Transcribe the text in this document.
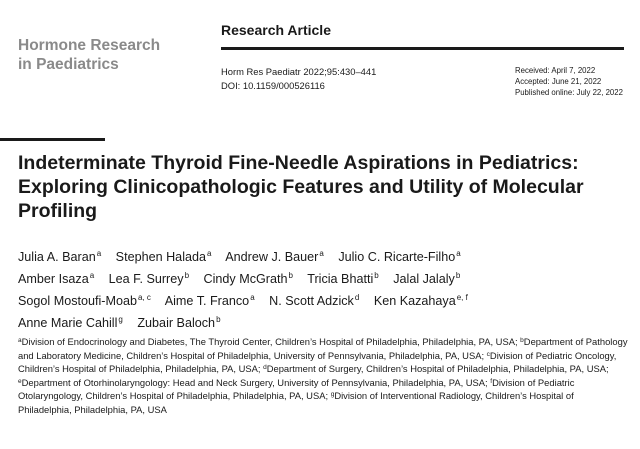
Hormone Research
in Paediatrics
Research Article
Horm Res Paediatr 2022;95:430–441
DOI: 10.1159/000526116
Received: April 7, 2022
Accepted: June 21, 2022
Published online: July 22, 2022
Indeterminate Thyroid Fine-Needle Aspirations in Pediatrics: Exploring Clinicopathologic Features and Utility of Molecular Profiling
Julia A. Baran$^a$ Stephen Halada$^a$ Andrew J. Bauer$^a$ Julio C. Ricarte-Filho$^a$
Amber Isaza$^a$ Lea F. Surrey$^b$ Cindy McGrath$^b$ Tricia Bhatti$^b$ Jalal Jalaly$^b$
Sogol Mostoufi-Moab$^{a, c}$ Aime T. Franco$^a$ N. Scott Adzick$^d$ Ken Kazahaya$^{e, f}$
Anne Marie Cahill$^g$ Zubair Baloch$^b$
$^a$Division of Endocrinology and Diabetes, The Thyroid Center, Children’s Hospital of Philadelphia, Philadelphia, PA, USA; $^b$Department of Pathology and Laboratory Medicine, Children’s Hospital of Philadelphia, University of Pennsylvania, Philadelphia, PA, USA; $^c$Division of Pediatric Oncology, Children’s Hospital of Philadelphia, Philadelphia, PA, USA; $^d$Department of Surgery, Children’s Hospital of Philadelphia, Philadelphia, PA, USA; $^e$Department of Otorhinolaryngology: Head and Neck Surgery, University of Pennsylvania, Philadelphia, PA, USA; $^f$Division of Pediatric Otolaryngology, Children’s Hospital of Philadelphia, Philadelphia, PA, USA; $^g$Division of Interventional Radiology, Children’s Hospital of Philadelphia, Philadelphia, PA, USA
